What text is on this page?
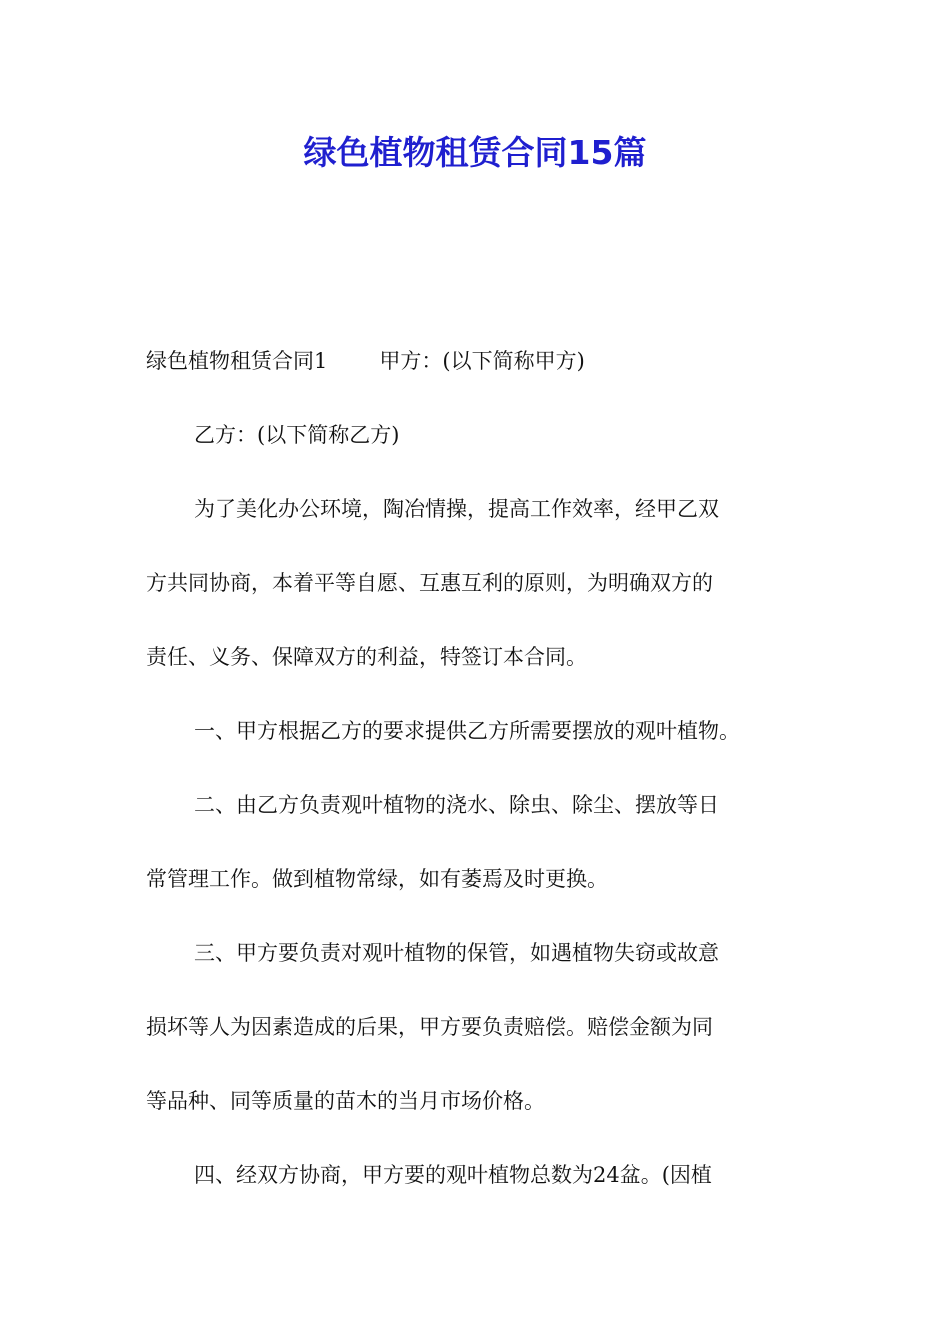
绿色植物租赁合同15篇

绿色植物租赁合同1 甲方：(以下简称甲方)

乙方：(以下简称乙方)

为了美化办公环境，陶冶情操，提高工作效率，经甲乙双

方共同协商，本着平等自愿、互惠互利的原则，为明确双方的

责任、义务、保障双方的利益，特签订本合同。

一、甲方根据乙方的要求提供乙方所需要摆放的观叶植物。

二、由乙方负责观叶植物的浇水、除虫、除尘、摆放等日

常管理工作。做到植物常绿，如有萎焉及时更换。

三、甲方要负责对观叶植物的保管，如遇植物失窃或故意

损坏等人为因素造成的后果，甲方要负责赔偿。赔偿金额为同

等品种、同等质量的苗木的当月市场价格。

四、经双方协商，甲方要的观叶植物总数为24盆。(因植
